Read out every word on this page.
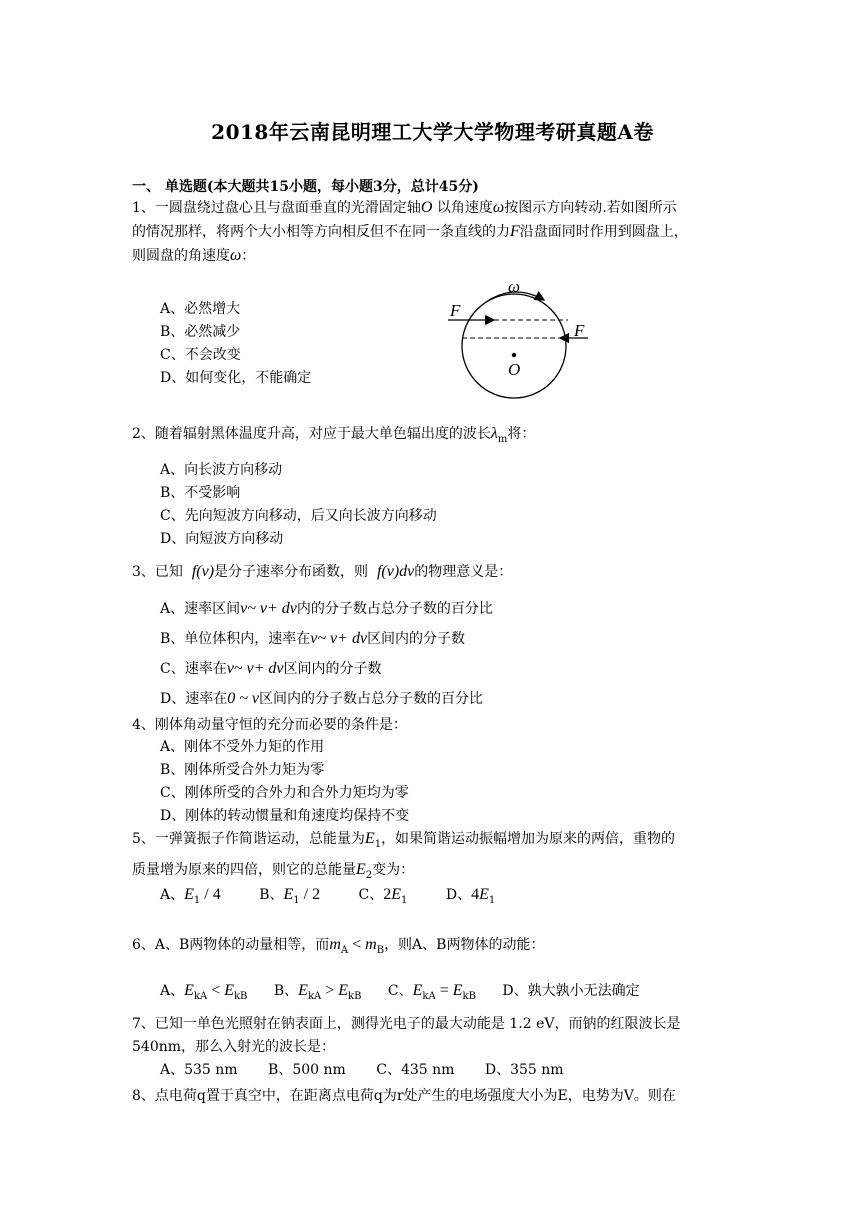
2018年云南昆明理工大学大学物理考研真题A卷
一、 单选题(本大题共15小题，每小题3分，总计45分)
1、一圆盘绕过盘心且与盘面垂直的光滑固定轴O 以角速度ω按图示方向转动.若如图所示
的情况那样，将两个大小相等方向相反但不在同一条直线的力F沿盘面同时作用到圆盘上，
则圆盘的角速度ω：
A、必然增大
B、必然减少
C、不会改变
D、如何变化，不能确定
ω
F
F
O
2、随着辐射黑体温度升高，对应于最大单色辐出度的波长$\lambda_m$将：
A、向长波方向移动
B、不受影响
C、先向短波方向移动，后又向长波方向移动
D、向短波方向移动
3、已知 f(v)是分子速率分布函数，则 f(v)dv的物理意义是：
A、速率区间v~ v+ dv内的分子数占总分子数的百分比
B、单位体积内，速率在v~ v+ dv区间内的分子数
C、速率在v~ v+ dv区间内的分子数
D、速率在0 ~ v区间内的分子数占总分子数的百分比
4、刚体角动量守恒的充分而必要的条件是：
A、刚体不受外力矩的作用
B、刚体所受合外力矩为零
C、刚体所受的合外力和合外力矩均为零
D、刚体的转动惯量和角速度均保持不变
5、一弹簧振子作简谐运动，总能量为$E_1$，如果简谐运动振幅增加为原来的两倍，重物的
质量增为原来的四倍，则它的总能量$E_2$变为：
A、$E_1 / 4$	B、$E_1 / 2$	C、$2E_1$	D、$4E_1$
6、A、B两物体的动量相等，而$m_A < m_B$，则A、B两物体的动能：
A、$E_{kA} < E_{kB}$ B、$E_{kA} > E_{kB}$ C、$E_{kA} = E_{kB}$ D、孰大孰小无法确定
7、已知一单色光照射在钠表面上，测得光电子的最大动能是 1.2 eV，而钠的红限波长是
540nm，那么入射光的波长是：
A、535 nm B、500 nm C、435 nm D、355 nm
8、点电荷q置于真空中，在距离点电荷q为r处产生的电场强度大小为E，电势为V。则在
